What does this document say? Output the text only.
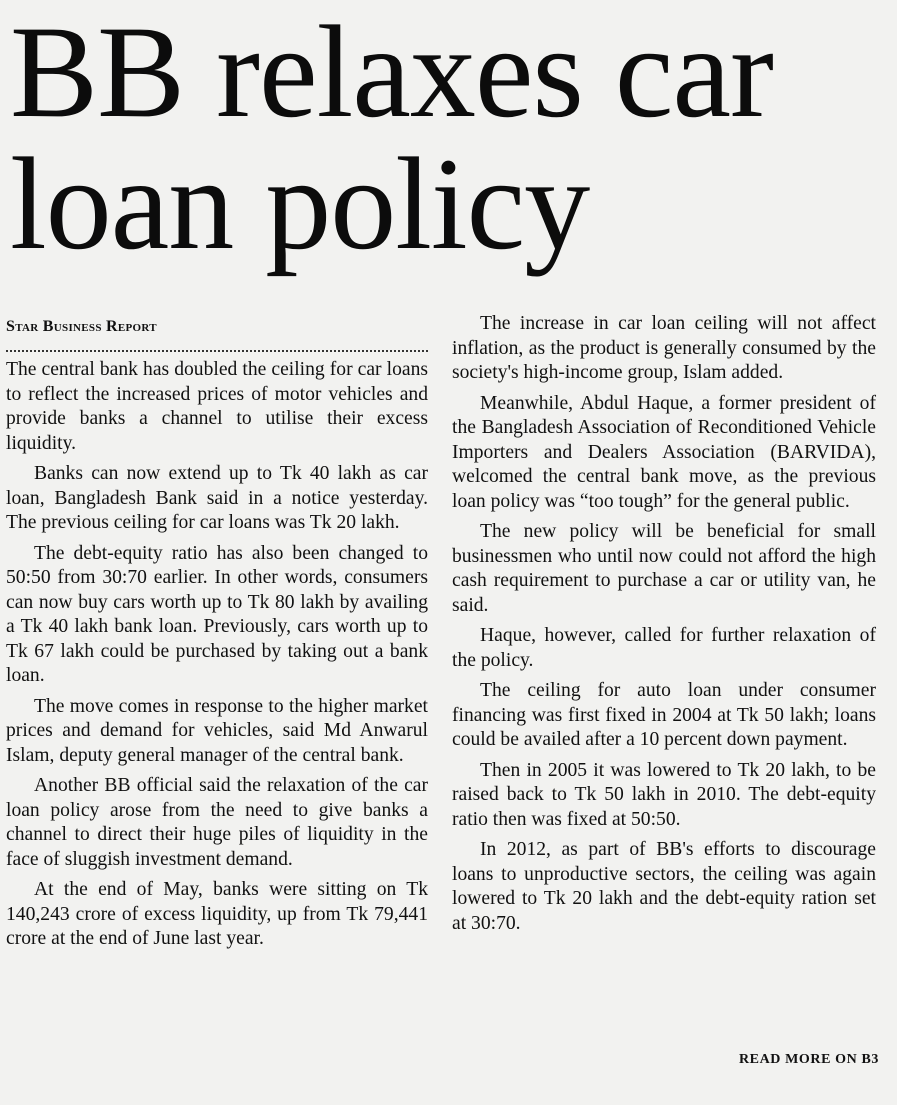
BB relaxes car loan policy
Star Business Report

The central bank has doubled the ceiling for car loans to reflect the increased prices of motor vehicles and provide banks a channel to utilise their excess liquidity.

Banks can now extend up to Tk 40 lakh as car loan, Bangladesh Bank said in a notice yesterday. The previous ceiling for car loans was Tk 20 lakh.

The debt-equity ratio has also been changed to 50:50 from 30:70 earlier. In other words, consumers can now buy cars worth up to Tk 80 lakh by availing a Tk 40 lakh bank loan. Previously, cars worth up to Tk 67 lakh could be purchased by taking out a bank loan.

The move comes in response to the higher market prices and demand for vehicles, said Md Anwarul Islam, deputy general manager of the central bank.

Another BB official said the relaxation of the car loan policy arose from the need to give banks a channel to direct their huge piles of liquidity in the face of sluggish investment demand.

At the end of May, banks were sitting on Tk 140,243 crore of excess liquidity, up from Tk 79,441 crore at the end of June last year.

The increase in car loan ceiling will not affect inflation, as the product is generally consumed by the society's high-income group, Islam added.

Meanwhile, Abdul Haque, a former president of the Bangladesh Association of Reconditioned Vehicle Importers and Dealers Association (BARVIDA), welcomed the central bank move, as the previous loan policy was “too tough” for the general public.

The new policy will be beneficial for small businessmen who until now could not afford the high cash requirement to purchase a car or utility van, he said.

Haque, however, called for further relaxation of the policy.

The ceiling for auto loan under consumer financing was first fixed in 2004 at Tk 50 lakh; loans could be availed after a 10 percent down payment.

Then in 2005 it was lowered to Tk 20 lakh, to be raised back to Tk 50 lakh in 2010. The debt-equity ratio then was fixed at 50:50.

In 2012, as part of BB's efforts to discourage loans to unproductive sectors, the ceiling was again lowered to Tk 20 lakh and the debt-equity ration set at 30:70.

READ MORE ON B3
